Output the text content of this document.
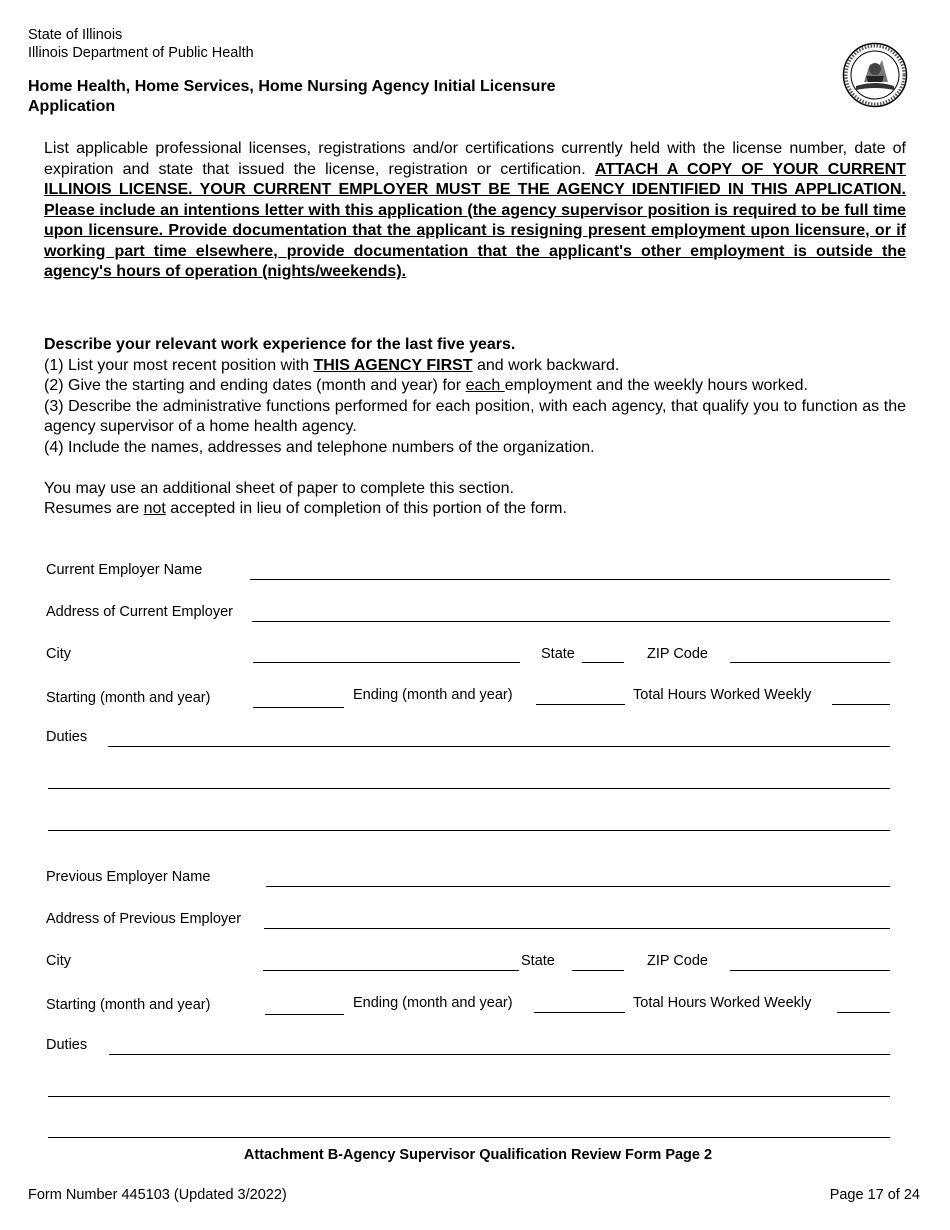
State of Illinois
Illinois Department of Public Health
Home Health, Home Services, Home Nursing Agency Initial Licensure
Application
List applicable professional licenses, registrations and/or certifications currently held with the license number, date of expiration and state that issued the license, registration or certification. ATTACH A COPY OF YOUR CURRENT ILLINOIS LICENSE. YOUR CURRENT EMPLOYER MUST BE THE AGENCY IDENTIFIED IN THIS APPLICATION. Please include an intentions letter with this application (the agency supervisor position is required to be full time upon licensure. Provide documentation that the applicant is resigning present employment upon licensure, or if working part time elsewhere, provide documentation that the applicant's other employment is outside the agency's hours of operation (nights/weekends).
Describe your relevant work experience for the last five years.
(1) List your most recent position with THIS AGENCY FIRST and work backward.
(2) Give the starting and ending dates (month and year) for each employment and the weekly hours worked.
(3) Describe the administrative functions performed for each position, with each agency, that qualify you to function as the agency supervisor of a home health agency.
(4) Include the names, addresses and telephone numbers of the organization.
You may use an additional sheet of paper to complete this section.
Resumes are not accepted in lieu of completion of this portion of the form.
Current Employer Name
Address of Current Employer
City	State	ZIP Code
Starting (month and year)	Ending (month and year)	Total Hours Worked Weekly
Duties
Previous Employer Name
Address of Previous Employer
City	State	ZIP Code
Starting (month and year)	Ending (month and year)	Total Hours Worked Weekly
Duties
Attachment B-Agency Supervisor Qualification Review Form Page 2
Form Number 445103 (Updated 3/2022)	Page 17 of 24
